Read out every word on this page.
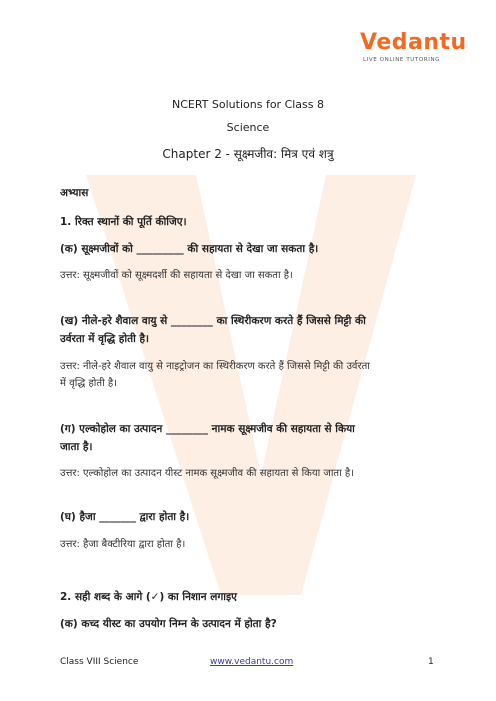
Vedantu
LIVE ONLINE TUTORING
NCERT Solutions for Class 8
Science
Chapter 2 - सूक्ष्मजीव: मित्र एवं शत्रु
अभ्यास
1. रिक्त स्थानों की पूर्ति कीजिए।
(क) सूक्ष्मजीवों को _________ की सहायता से देखा जा सकता है।
उत्तर: सूक्ष्मजीवों को सूक्ष्मदर्शी की सहायता से देखा जा सकता है।
(ख) नीले-हरे शैवाल वायु से ________ का स्थिरीकरण करते हैं जिससे मिट्टी की
उर्वरता में वृद्धि होती है।
उत्तर: नीले-हरे शैवाल वायु से नाइट्रोजन का स्थिरीकरण करते हैं जिससे मिट्टी की उर्वरता
में वृद्धि होती है।
(ग) एल्कोहोल का उत्पादन ________ नामक सूक्ष्मजीव की सहायता से किया
जाता है।
उत्तर: एल्कोहोल का उत्पादन यीस्ट नामक सूक्ष्मजीव की सहायता से किया जाता है।
(घ) हैजा _______ द्वारा होता है।
उत्तर: हैजा बैक्टीरिया द्वारा होता है।
2. सही शब्द के आगे (✓) का निशान लगाइए
(क) कच्द यीस्ट का उपयोग निम्न के उत्पादन में होता है?
Class VIII Science	www.vedantu.com	1
